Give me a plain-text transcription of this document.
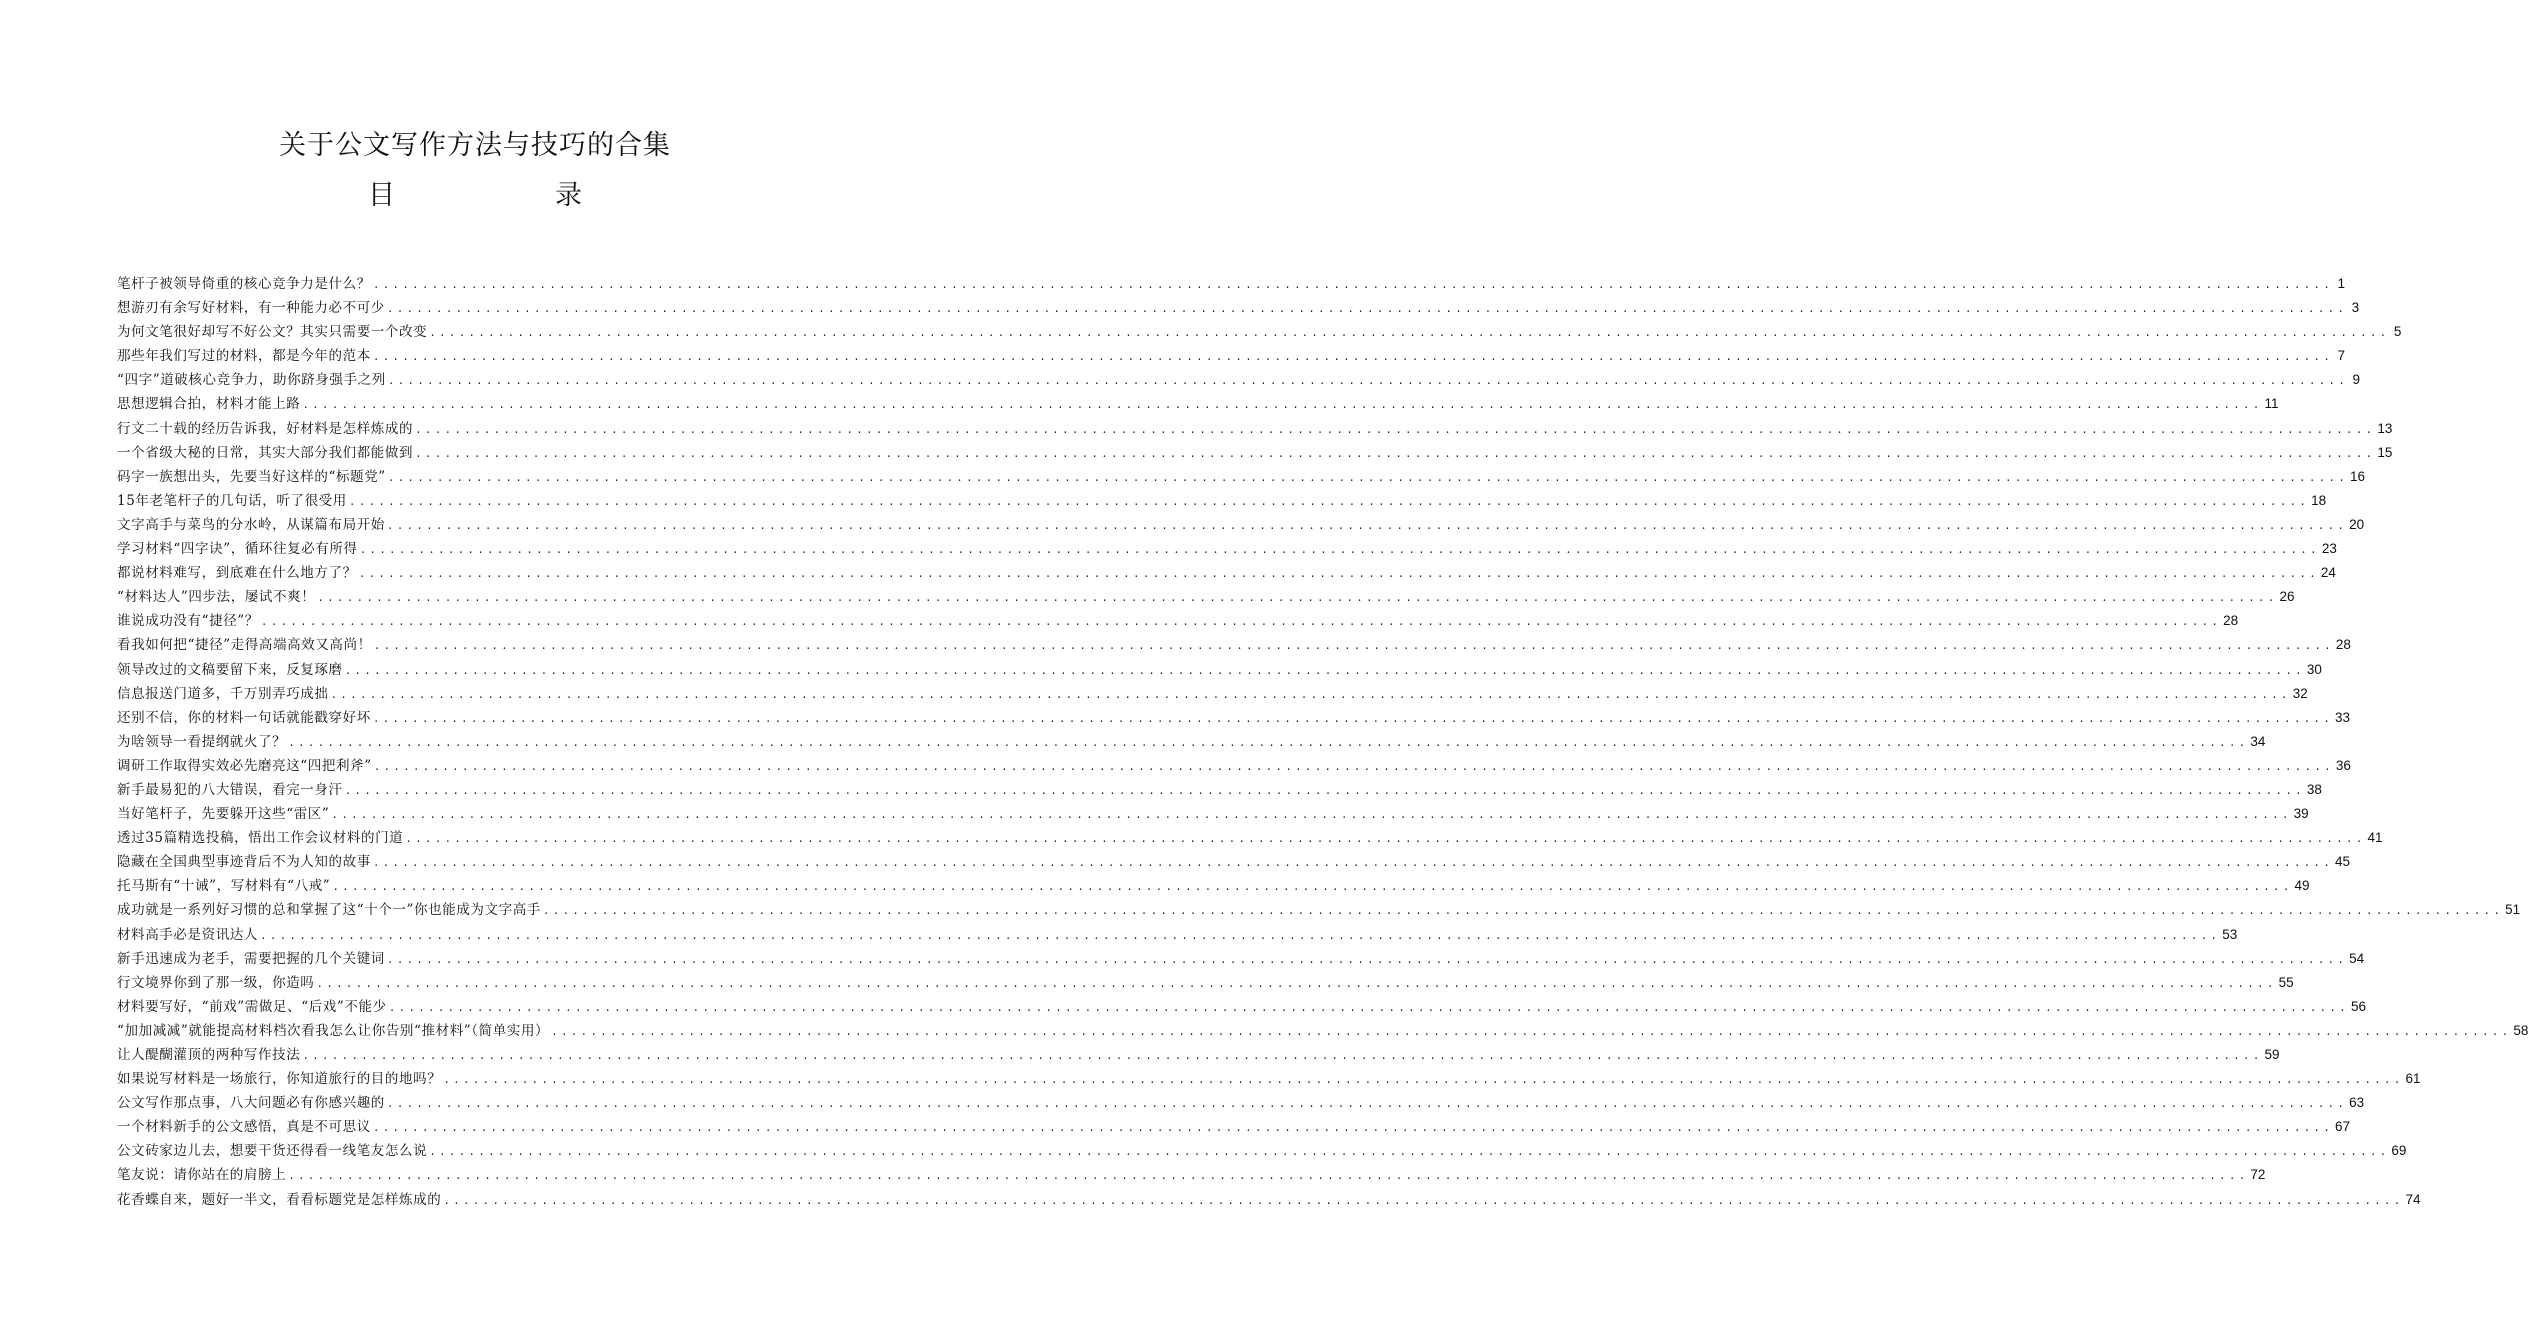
关于公文写作方法与技巧的合集
目	录
笔杆子被领导倚重的核心竞争力是什么？ ........................................................................................................................................................................................................ 1
想游刃有余写好材料，有一种能力必不可少 ........................................................................................................................................................................................................ 3
为何文笔很好却写不好公文？其实只需要一个改变 ........................................................................................................................................................................................................ 5
那些年我们写过的材料，都是今年的范本 ........................................................................................................................................................................................................ 7
“四字”道破核心竞争力，助你跻身强手之列 ........................................................................................................................................................................................................ 9
思想逻辑合拍，材料才能上路 ........................................................................................................................................................................................................ 11
行文二十载的经历告诉我，好材料是怎样炼成的 ........................................................................................................................................................................................................ 13
一个省级大秘的日常，其实大部分我们都能做到 ........................................................................................................................................................................................................ 15
码字一族想出头，先要当好这样的“标题党” ........................................................................................................................................................................................................ 16
15年老笔杆子的几句话，听了很受用 ........................................................................................................................................................................................................ 18
文字高手与菜鸟的分水岭，从谋篇布局开始 ........................................................................................................................................................................................................ 20
学习材料“四字诀”，循环往复必有所得 ........................................................................................................................................................................................................ 23
都说材料难写，到底难在什么地方了？ ........................................................................................................................................................................................................ 24
“材料达人”四步法，屡试不爽！ ........................................................................................................................................................................................................ 26
谁说成功没有“捷径”？ ........................................................................................................................................................................................................ 28
看我如何把“捷径”走得高端高效又高尚！ ........................................................................................................................................................................................................ 28
领导改过的文稿要留下来，反复琢磨 ........................................................................................................................................................................................................ 30
信息报送门道多，千万别弄巧成拙 ........................................................................................................................................................................................................ 32
还别不信，你的材料一句话就能戳穿好坏 ........................................................................................................................................................................................................ 33
为啥领导一看提纲就火了？ ........................................................................................................................................................................................................ 34
调研工作取得实效必先磨亮这“四把利斧” ........................................................................................................................................................................................................ 36
新手最易犯的八大错误，看完一身汗 ........................................................................................................................................................................................................ 38
当好笔杆子，先要躲开这些“雷区” ........................................................................................................................................................................................................ 39
透过35篇精选投稿，悟出工作会议材料的门道 ........................................................................................................................................................................................................ 41
隐藏在全国典型事迹背后不为人知的故事 ........................................................................................................................................................................................................ 45
托马斯有“十诫”，写材料有“八戒” ........................................................................................................................................................................................................ 49
成功就是一系列好习惯的总和掌握了这“十个一”你也能成为文字高手 ........................................................................................................................................................................................................ 51
材料高手必是资讯达人 ........................................................................................................................................................................................................ 53
新手迅速成为老手，需要把握的几个关键词 ........................................................................................................................................................................................................ 54
行文境界你到了那一级，你造吗 ........................................................................................................................................................................................................ 55
材料要写好，“前戏”需做足、“后戏”不能少 ........................................................................................................................................................................................................ 56
“加加减减”就能提高材料档次看我怎么让你告别“推材料”（简单实用） ........................................................................................................................................................................................................ 58
让人醍醐灌顶的两种写作技法 ........................................................................................................................................................................................................ 59
如果说写材料是一场旅行，你知道旅行的目的地吗？ ........................................................................................................................................................................................................ 61
公文写作那点事，八大问题必有你感兴趣的 ........................................................................................................................................................................................................ 63
一个材料新手的公文感悟，真是不可思议 ........................................................................................................................................................................................................ 67
公文砖家边儿去，想要干货还得看一线笔友怎么说 ........................................................................................................................................................................................................ 69
笔友说：请你站在的肩膀上 ........................................................................................................................................................................................................ 72
花香蝶自来，题好一半文，看看标题党是怎样炼成的 ........................................................................................................................................................................................................ 74
